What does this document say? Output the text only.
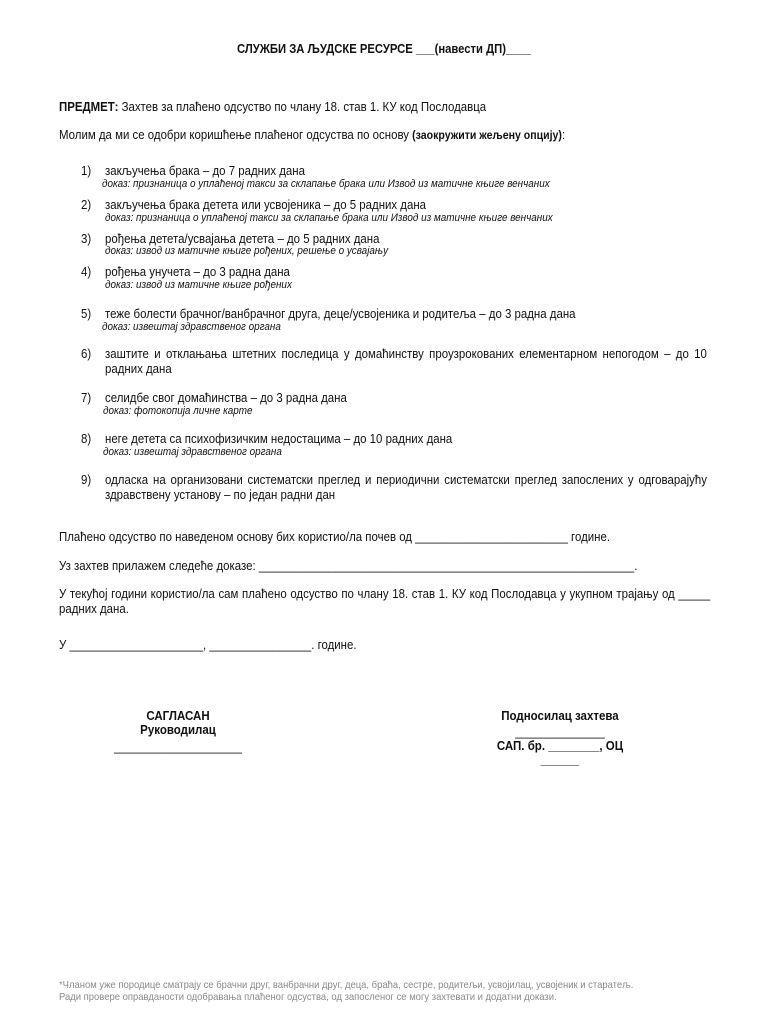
СЛУЖБИ ЗА ЉУДСКЕ РЕСУРСЕ ___(навести ДП)____
ПРЕДМЕТ: Захтев за плаћено одсуство по члану 18. став 1. КУ код Послодавца
Молим да ми се одобри коришћење плаћеног одсуства по основу (заокружити жељену опцију):
1) закључења брака – до 7 радних дана
доказ: признаница о уплаћеној такси за склапање брака или Извод из матичне књиге венчаних
2) закључења брака детета или усвојеника – до 5 радних дана
доказ: признаница о уплаћеној такси за склапање брака или Извод из матичне књиге венчаних
3) рођења детета/усвајања детета – до 5 радних дана
доказ: извод из матичне књиге рођених, решење о усвајању
4) рођења унучета – до 3 радна дана
доказ: извод из матичне књиге рођених
5) теже болести брачног/ванбрачног друга, деце/усвојеника и родитеља – до 3 радна дана
доказ: извештај здравственог органа
6) заштите и отклањања штетних последица у домаћинству проузрокованих елементарном непогодом – до 10 радних дана
7) селидбе свог домаћинства – до 3 радна дана
доказ: фотокопија личне карте
8) неге детета са психофизичким недостацима – до 10 радних дана
доказ: извештај здравственог органа
9) одласка на организовани систематски преглед и периодични систематски преглед запослених у одговарајућу здравствену установу – по један радни дан
Плаћено одсуство по наведеном основу бих користио/ла почев од ________________________ године.
Уз захтев прилажем следеће доказе: ___________________________________________________________.
У текућој години користио/ла сам плаћено одсуство по члану 18. став 1. КУ код Послодавца у укупном трајању од _____ радних дана.
У _____________________, ________________. године.
САГЛАСАН
Руководилац
____________________
Подносилац захтева
______________
САП. бр. ________, ОЦ ______
*Чланом уже породице сматрају се брачни друг, ванбрачни друг, деца, браћа, сестре, родитељи, усвојилац, усвојеник и старатељ.
Ради провере оправданости одобравања плаћеног одсуства, од запосленог се могу захтевати и додатни докази.
